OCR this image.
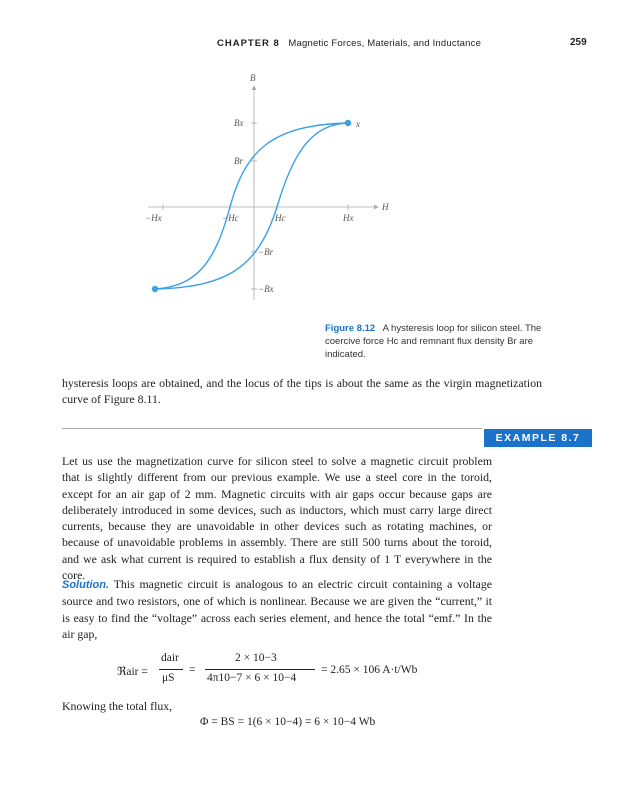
CHAPTER 8 Magnetic Forces, Materials, and Inductance	259
B
H
Bx
Br
−Br
−Bx
−Hx	−Hc	Hc	Hx
x
Figure 8.12 A hysteresis loop for silicon steel. The coercive force Hc and remnant flux density Br are indicated.
hysteresis loops are obtained, and the locus of the tips is about the same as the virgin magnetization curve of Figure 8.11.
EXAMPLE 8.7
Let us use the magnetization curve for silicon steel to solve a magnetic circuit problem that is slightly different from our previous example. We use a steel core in the toroid, except for an air gap of 2 mm. Magnetic circuits with air gaps occur because gaps are deliberately introduced in some devices, such as inductors, which must carry large direct currents, because they are unavoidable in other devices such as rotating machines, or because of unavoidable problems in assembly. There are still 500 turns about the toroid, and we ask what current is required to establish a flux density of 1 T everywhere in the core.
Solution. This magnetic circuit is analogous to an electric circuit containing a voltage source and two resistors, one of which is nonlinear. Because we are given the “current,” it is easy to find the “voltage” across each series element, and hence the total “emf.” In the air gap,
ℜair =
dair
μS
=
2 × 10−3
4π10−7 × 6 × 10−4
= 2.65 × 106 A·t/Wb
Knowing the total flux,
Φ = BS = 1(6 × 10−4) = 6 × 10−4 Wb
